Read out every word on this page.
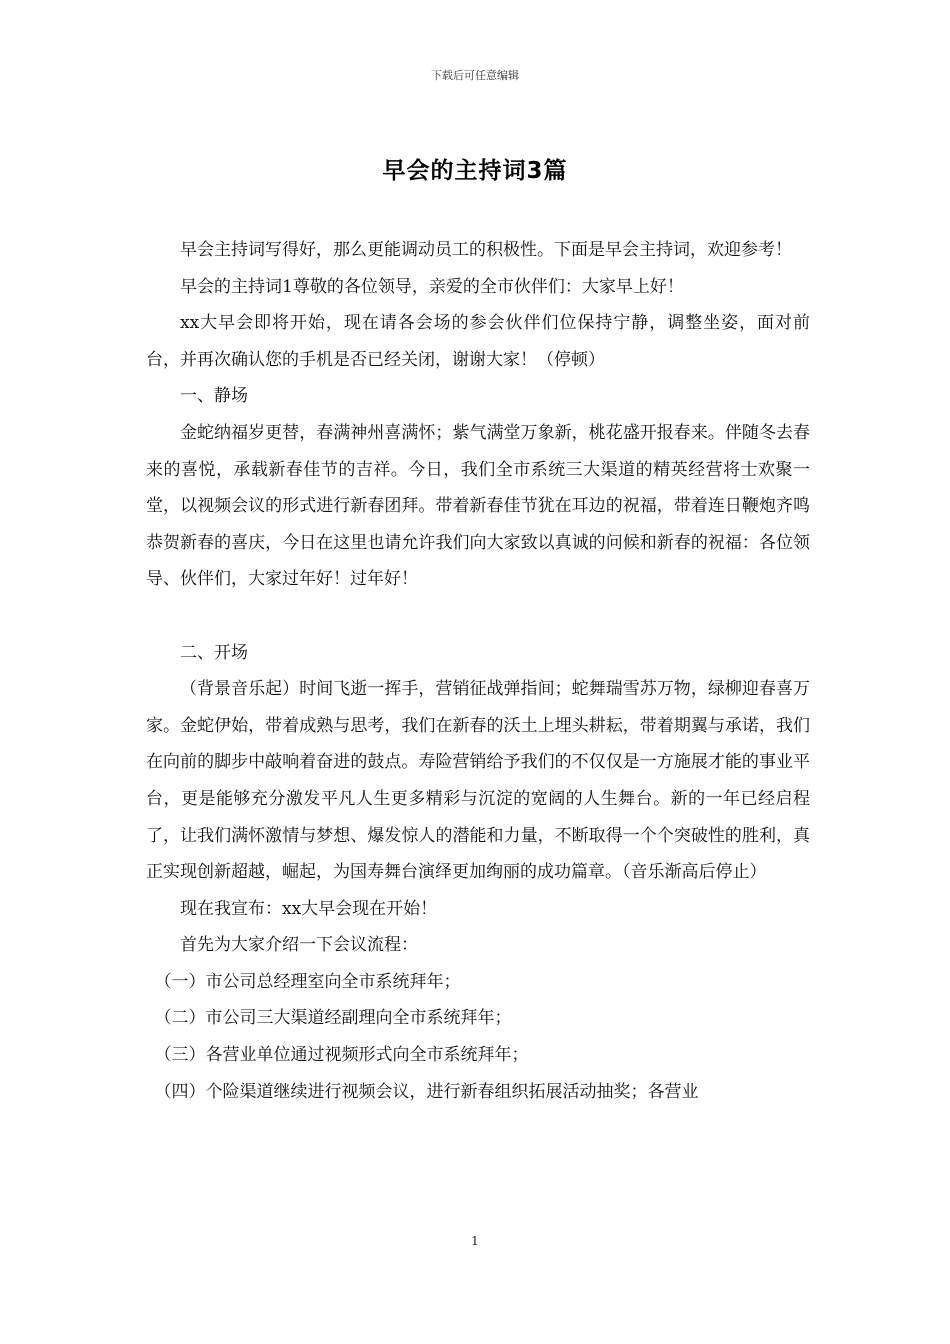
下载后可任意编辑
早会的主持词3篇

早会主持词写得好，那么更能调动员工的积极性。下面是早会主持词，欢迎参考！

早会的主持词1尊敬的各位领导，亲爱的全市伙伴们：大家早上好！

xx大早会即将开始，现在请各会场的参会伙伴们位保持宁静，调整坐姿，面对前台，并再次确认您的手机是否已经关闭，谢谢大家！（停顿）

一、静场

金蛇纳福岁更替，春满神州喜满怀；紫气满堂万象新，桃花盛开报春来。伴随冬去春来的喜悦，承载新春佳节的吉祥。今日，我们全市系统三大渠道的精英经营将士欢聚一堂，以视频会议的形式进行新春团拜。带着新春佳节犹在耳边的祝福，带着连日鞭炮齐鸣恭贺新春的喜庆，今日在这里也请允许我们向大家致以真诚的问候和新春的祝福：各位领导、伙伴们，大家过年好！过年好！

二、开场

（背景音乐起）时间飞逝一挥手，营销征战弹指间；蛇舞瑞雪苏万物，绿柳迎春喜万家。金蛇伊始，带着成熟与思考，我们在新春的沃土上埋头耕耘，带着期翼与承诺，我们在向前的脚步中敲响着奋进的鼓点。寿险营销给予我们的不仅仅是一方施展才能的事业平台，更是能够充分激发平凡人生更多精彩与沉淀的宽阔的人生舞台。新的一年已经启程了，让我们满怀激情与梦想、爆发惊人的潜能和力量，不断取得一个个突破性的胜利，真正实现创新超越，崛起，为国寿舞台演绎更加绚丽的成功篇章。（音乐渐高后停止）

现在我宣布：xx大早会现在开始！

首先为大家介绍一下会议流程：

（一）市公司总经理室向全市系统拜年；

（二）市公司三大渠道经副理向全市系统拜年；

（三）各营业单位通过视频形式向全市系统拜年；

（四）个险渠道继续进行视频会议，进行新春组织拓展活动抽奖；各营业

1
